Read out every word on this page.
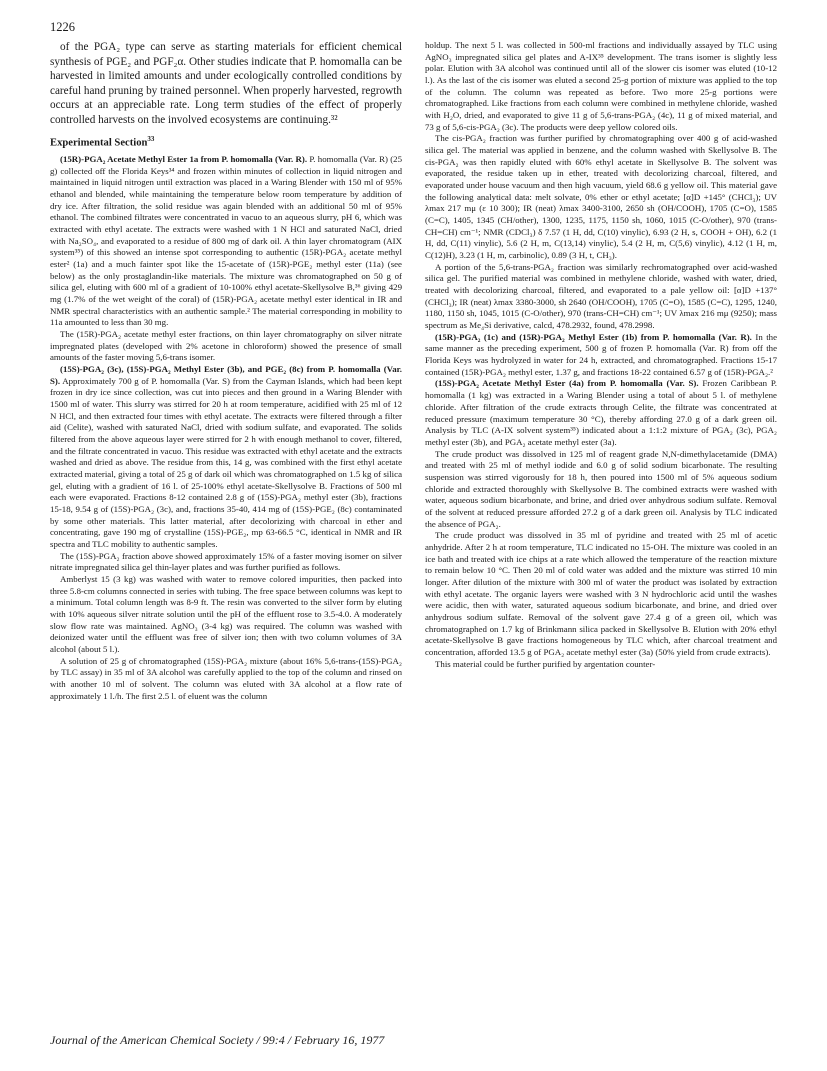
1226

of the PGA₂ type can serve as starting materials for efficient chemical synthesis of PGE₂ and PGF₂α. Other studies indicate that P. homomalla can be harvested in limited amounts and under ecologically controlled conditions by careful hand pruning by trained personnel. When properly harvested, regrowth occurs at an appreciable rate. Long term studies of the effect of properly controlled harvests on the involved ecosystems are continuing.³²

Experimental Section$^{33}$

(15R)-PGA₂ Acetate Methyl Ester 1a from P. homomalla (Var. R). P. homomalla (Var. R) (25 g) collected off the Florida Keys³⁴ and frozen within minutes of collection in liquid nitrogen and maintained in liquid nitrogen until extraction was placed in a Waring Blender with 150 ml of 95% ethanol and blended, while maintaining the temperature below room temperature by addition of dry ice. After filtration, the solid residue was again blended with an additional 50 ml of 95% ethanol. The combined filtrates were concentrated in vacuo to an aqueous slurry, pH 6, which was extracted with ethyl acetate. The extracts were washed with 1 N HCl and saturated NaCl, dried with Na₂SO₄, and evaporated to a residue of 800 mg of dark oil. A thin layer chromatogram (AIX system³⁵) of this showed an intense spot corresponding to authentic (15R)-PGA₂ acetate methyl ester² (1a) and a much fainter spot like the 15-acetate of (15R)-PGE₂ methyl ester (11a) (see below) as the only prostaglandin-like materials. The mixture was chromatographed on 50 g of silica gel, eluting with 600 ml of a gradient of 10-100% ethyl acetate-Skellysolve B,³⁶ giving 429 mg (1.7% of the wet weight of the coral) of (15R)-PGA₂ acetate methyl ester identical in IR and NMR spectral characteristics with an authentic sample.² The material corresponding in mobility to 11a amounted to less than 30 mg.

The (15R)-PGA₂ acetate methyl ester fractions, on thin layer chromatography on silver nitrate impregnated plates (developed with 2% acetone in chloroform) showed the presence of small amounts of the faster moving 5,6-trans isomer.

(15S)-PGA₂ (3c), (15S)-PGA₂ Methyl Ester (3b), and PGE₂ (8c) from P. homomalla (Var. S). Approximately 700 g of P. homomalla (Var. S) from the Cayman Islands, which had been kept frozen in dry ice since collection, was cut into pieces and then ground in a Waring Blender with 1500 ml of water. This slurry was stirred for 20 h at room temperature, acidified with 25 ml of 12 N HCl, and then extracted four times with ethyl acetate. The extracts were filtered through a filter aid (Celite), washed with saturated NaCl, dried with sodium sulfate, and evaporated. The solids filtered from the above aqueous layer were stirred for 2 h with enough methanol to cover, filtered, and the filtrate concentrated in vacuo. This residue was extracted with ethyl acetate and the extracts washed and dried as above. The residue from this, 14 g, was combined with the first ethyl acetate extracted material, giving a total of 25 g of dark oil which was chromatographed on 1.5 kg of silica gel, eluting with a gradient of 16 l. of 25-100% ethyl acetate-Skellysolve B. Fractions of 500 ml each were evaporated. Fractions 8-12 contained 2.8 g of (15S)-PGA₂ methyl ester (3b), fractions 15-18, 9.54 g of (15S)-PGA₂ (3c), and, fractions 35-40, 414 mg of (15S)-PGE₂ (8c) contaminated by some other materials. This latter material, after decolorizing with charcoal in ether and concentrating, gave 190 mg of crystalline (15S)-PGE₂, mp 63-66.5 °C, identical in NMR and IR spectra and TLC mobility to authentic samples.

The (15S)-PGA₂ fraction above showed approximately 15% of a faster moving isomer on silver nitrate impregnated silica gel thin-layer plates and was further purified as follows.

Amberlyst 15 (3 kg) was washed with water to remove colored impurities, then packed into three 5.8-cm columns connected in series with tubing. The free space between columns was kept to a minimum. Total column length was 8-9 ft. The resin was converted to the silver form by eluting with 10% aqueous silver nitrate solution until the pH of the effluent rose to 3.5-4.0. A moderately slow flow rate was maintained. AgNO₃ (3-4 kg) was required. The column was washed with deionized water until the effluent was free of silver ion; then with two column volumes of 3A alcohol (about 5 l.).

A solution of 25 g of chromatographed (15S)-PGA₂ mixture (about 16% 5,6-trans-(15S)-PGA₂ by TLC assay) in 35 ml of 3A alcohol was carefully applied to the top of the column and rinsed on with another 10 ml of solvent. The column was eluted with 3A alcohol at a flow rate of approximately 1 l./h. The first 2.5 l. of eluent was the column

holdup. The next 5 l. was collected in 500-ml fractions and individually assayed by TLC using AgNO₃ impregnated silica gel plates and A-IX³⁵ development. The trans isomer is slightly less polar. Elution with 3A alcohol was continued until all of the slower cis isomer was eluted (10-12 l.). As the last of the cis isomer was eluted a second 25-g portion of mixture was applied to the top of the column. The column was repeated as before. Two more 25-g portions were chromatographed. Like fractions from each column were combined in methylene chloride, washed with H₂O, dried, and evaporated to give 11 g of 5,6-trans-PGA₂ (4c), 11 g of mixed material, and 73 g of 5,6-cis-PGA₂ (3c). The products were deep yellow colored oils.

The cis-PGA₂ fraction was further purified by chromatographing over 400 g of acid-washed silica gel. The material was applied in benzene, and the column washed with Skellysolve B. The cis-PGA₂ was then rapidly eluted with 60% ethyl acetate in Skellysolve B. The solvent was evaporated, the residue taken up in ether, treated with decolorizing charcoal, filtered, and evaporated under house vacuum and then high vacuum, yield 68.6 g yellow oil. This material gave the following analytical data: melt solvate, 0% ether or ethyl acetate; [α]D +145° (CHCl₃); UV λmax 217 mμ (ε 10 300); IR (neat) λmax 3400-3100, 2650 sh (OH/COOH), 1705 (C=O), 1585 (C=C), 1405, 1345 (CH/other), 1300, 1235, 1175, 1150 sh, 1060, 1015 (C-O/other), 970 (trans-CH=CH) cm⁻¹; NMR (CDCl₃) δ 7.57 (1 H, dd, C(10) vinylic), 6.93 (2 H, s, COOH + OH), 6.2 (1 H, dd, C(11) vinylic), 5.6 (2 H, m, C(13,14) vinylic), 5.4 (2 H, m, C(5,6) vinylic), 4.12 (1 H, m, C(12)H), 3.23 (1 H, m, carbinolic), 0.89 (3 H, t, CH₃).

A portion of the 5,6-trans-PGA₂ fraction was similarly rechromatographed over acid-washed silica gel. The purified material was combined in methylene chloride, washed with water, dried, treated with decolorizing charcoal, filtered, and evaporated to a pale yellow oil: [α]D +137° (CHCl₃); IR (neat) λmax 3380-3000, sh 2640 (OH/COOH), 1705 (C=O), 1585 (C=C), 1295, 1240, 1180, 1150 sh, 1045, 1015 (C-O/other), 970 (trans-CH=CH) cm⁻¹; UV λmax 216 mμ (9250); mass spectrum as Me₄Si derivative, calcd, 478.2932, found, 478.2998.

(15R)-PGA₂ (1c) and (15R)-PGA₂ Methyl Ester (1b) from P. homomalla (Var. R). In the same manner as the preceding experiment, 500 g of frozen P. homomalla (Var. R) from off the Florida Keys was hydrolyzed in water for 24 h, extracted, and chromatographed. Fractions 15-17 contained (15R)-PGA₂ methyl ester, 1.37 g, and fractions 18-22 contained 6.57 g of (15R)-PGA₂.²

(15S)-PGA₂ Acetate Methyl Ester (4a) from P. homomalla (Var. S). Frozen Caribbean P. homomalla (1 kg) was extracted in a Waring Blender using a total of about 5 l. of methylene chloride. After filtration of the crude extracts through Celite, the filtrate was concentrated at reduced pressure (maximum temperature 30 °C), thereby affording 27.0 g of a dark green oil. Analysis by TLC (A-IX solvent system³⁵) indicated about a 1:1:2 mixture of PGA₂ (3c), PGA₂ methyl ester (3b), and PGA₂ acetate methyl ester (3a).

The crude product was dissolved in 125 ml of reagent grade N,N-dimethylacetamide (DMA) and treated with 25 ml of methyl iodide and 6.0 g of solid sodium bicarbonate. The resulting suspension was stirred vigorously for 18 h, then poured into 1500 ml of 5% aqueous sodium chloride and extracted thoroughly with Skellysolve B. The combined extracts were washed with water, aqueous sodium bicarbonate, and brine, and dried over anhydrous sodium sulfate. Removal of the solvent at reduced pressure afforded 27.2 g of a dark green oil. Analysis by TLC indicated the absence of PGA₂.

The crude product was dissolved in 35 ml of pyridine and treated with 25 ml of acetic anhydride. After 2 h at room temperature, TLC indicated no 15-OH. The mixture was cooled in an ice bath and treated with ice chips at a rate which allowed the temperature of the reaction mixture to remain below 10 °C. Then 20 ml of cold water was added and the mixture was stirred 10 min longer. After dilution of the mixture with 300 ml of water the product was isolated by extraction with ethyl acetate. The organic layers were washed with 3 N hydrochloric acid until the washes were acidic, then with water, saturated aqueous sodium bicarbonate, and brine, and dried over anhydrous sodium sulfate. Removal of the solvent gave 27.4 g of a green oil, which was chromatographed on 1.7 kg of Brinkmann silica packed in Skellysolve B. Elution with 20% ethyl acetate-Skellysolve B gave fractions homogeneous by TLC which, after charcoal treatment and concentration, afforded 13.5 g of PGA₂ acetate methyl ester (3a) (50% yield from crude extracts).

This material could be further purified by argentation counter-

Journal of the American Chemical Society / 99:4 / February 16, 1977
